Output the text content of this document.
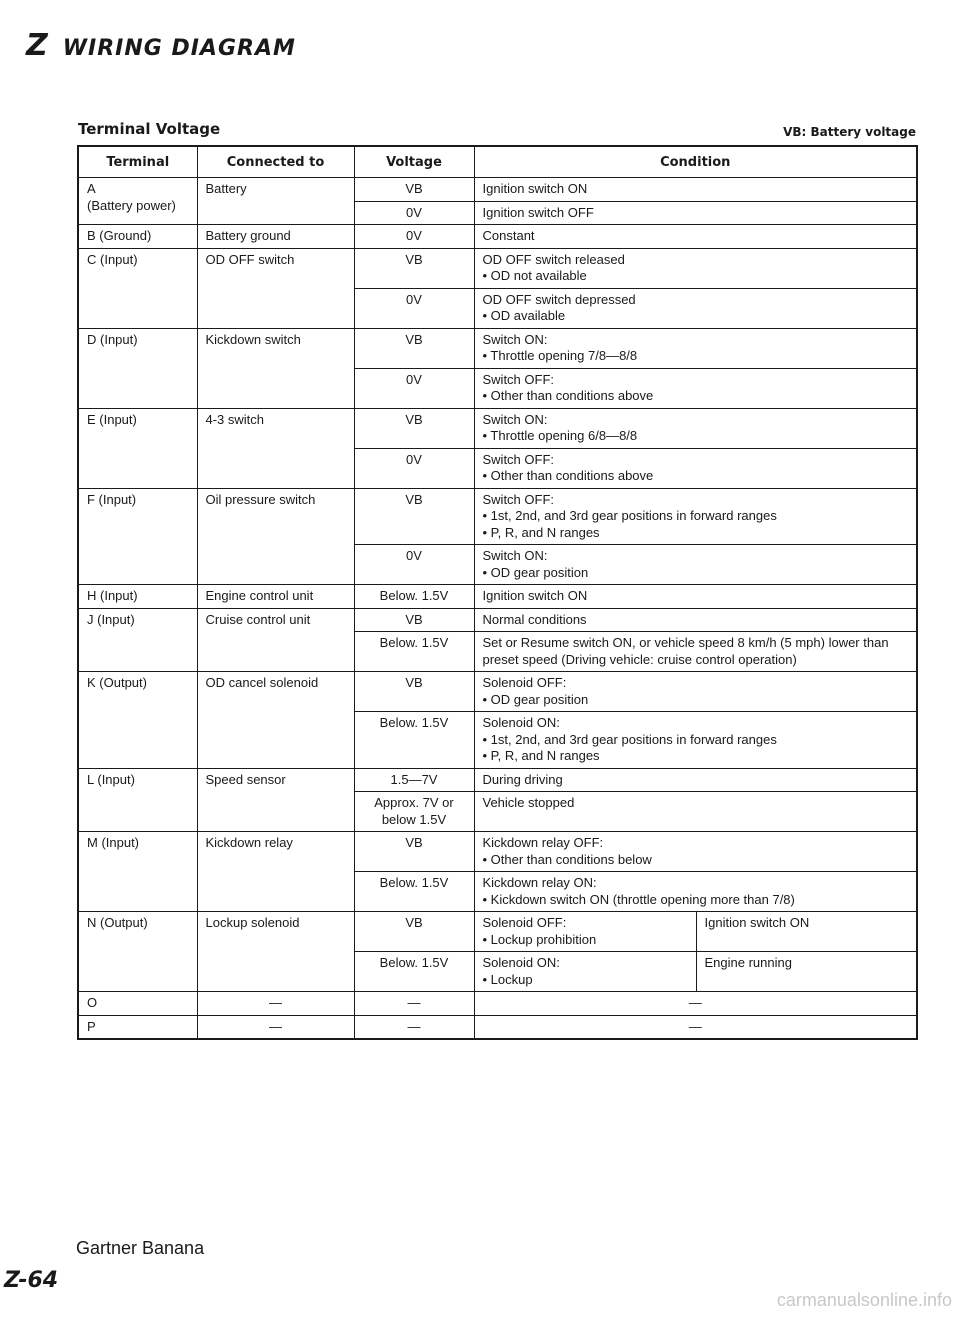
Z WIRING DIAGRAM
Terminal Voltage	VB: Battery voltage
Terminal	Connected to	Voltage	Condition	
A
(Battery power)	Battery	VB	Ignition switch ON	
		0V	Ignition switch OFF	
B (Ground)	Battery ground	0V	Constant	
C (Input)	OD OFF switch	VB	OD OFF switch released
• OD not available	
		0V	OD OFF switch depressed
• OD available	
D (Input)	Kickdown switch	VB	Switch ON:
• Throttle opening 7/8—8/8	
		0V	Switch OFF:
• Other than conditions above	
E (Input)	4-3 switch	VB	Switch ON:
• Throttle opening 6/8—8/8	
		0V	Switch OFF:
• Other than conditions above	
F (Input)	Oil pressure switch	VB	Switch OFF:
• 1st, 2nd, and 3rd gear positions in forward ranges
• P, R, and N ranges	
		0V	Switch ON:
• OD gear position	
H (Input)	Engine control unit	Below. 1.5V	Ignition switch ON	
J (Input)	Cruise control unit	VB	Normal conditions	
		Below. 1.5V	Set or Resume switch ON, or vehicle speed 8 km/h (5 mph) lower than preset speed (Driving vehicle: cruise control operation)	
K (Output)	OD cancel solenoid	VB	Solenoid OFF:
• OD gear position	
		Below. 1.5V	Solenoid ON:
• 1st, 2nd, and 3rd gear positions in forward ranges
• P, R, and N ranges	
L (Input)	Speed sensor	1.5—7V	During driving	
		Approx. 7V or below 1.5V	Vehicle stopped	
M (Input)	Kickdown relay	VB	Kickdown relay OFF:
• Other than conditions below	
		Below. 1.5V	Kickdown relay ON:
• Kickdown switch ON (throttle opening more than 7/8)	
N (Output)	Lockup solenoid	VB	Solenoid OFF:
• Lockup prohibition	Ignition switch ON
		Below. 1.5V	Solenoid ON:
• Lockup	Engine running
O	—	—	—	
P	—	—	—	
Gartner Banana
Z-64
carmanualsonline.info
